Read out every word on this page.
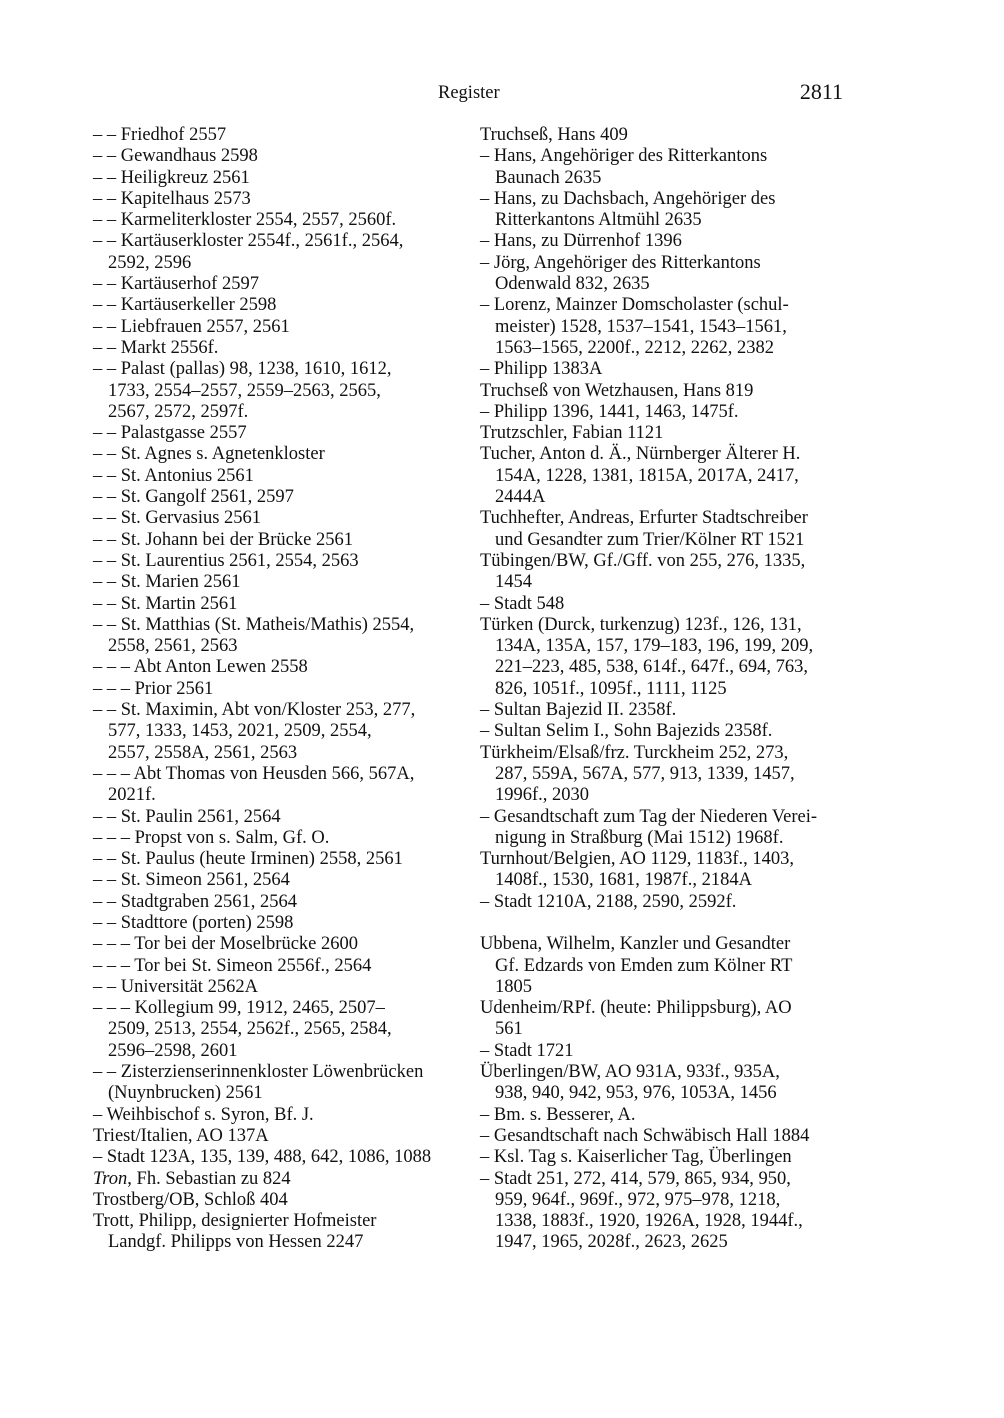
Register	2811
– – Friedhof 2557
– – Gewandhaus 2598
– – Heiligkreuz 2561
– – Kapitelhaus 2573
– – Karmeliterkloster 2554, 2557, 2560f.
– – Kartäuserkloster 2554f., 2561f., 2564,
2592, 2596
– – Kartäuserhof 2597
– – Kartäuserkeller 2598
– – Liebfrauen 2557, 2561
– – Markt 2556f.
– – Palast (pallas) 98, 1238, 1610, 1612,
1733, 2554–2557, 2559–2563, 2565,
2567, 2572, 2597f.
– – Palastgasse 2557
– – St. Agnes s. Agnetenkloster
– – St. Antonius 2561
– – St. Gangolf 2561, 2597
– – St. Gervasius 2561
– – St. Johann bei der Brücke 2561
– – St. Laurentius 2561, 2554, 2563
– – St. Marien 2561
– – St. Martin 2561
– – St. Matthias (St. Matheis/Mathis) 2554,
2558, 2561, 2563
– – – Abt Anton Lewen 2558
– – – Prior 2561
– – St. Maximin, Abt von/Kloster 253, 277,
577, 1333, 1453, 2021, 2509, 2554,
2557, 2558A, 2561, 2563
– – – Abt Thomas von Heusden 566, 567A,
2021f.
– – St. Paulin 2561, 2564
– – – Propst von s. Salm, Gf. O.
– – St. Paulus (heute Irminen) 2558, 2561
– – St. Simeon 2561, 2564
– – Stadtgraben 2561, 2564
– – Stadttore (porten) 2598
– – – Tor bei der Moselbrücke 2600
– – – Tor bei St. Simeon 2556f., 2564
– – Universität 2562A
– – – Kollegium 99, 1912, 2465, 2507–
2509, 2513, 2554, 2562f., 2565, 2584,
2596–2598, 2601
– – Zisterzienserinnenkloster Löwenbrücken
(Nuynbrucken) 2561
– Weihbischof s. Syron, Bf. J.
Triest/Italien, AO 137A
– Stadt 123A, 135, 139, 488, 642, 1086, 1088
Tron, Fh. Sebastian zu 824
Trostberg/OB, Schloß 404
Trott, Philipp, designierter Hofmeister
Landgf. Philipps von Hessen 2247
Truchseß, Hans 409
– Hans, Angehöriger des Ritterkantons
Baunach 2635
– Hans, zu Dachsbach, Angehöriger des
Ritterkantons Altmühl 2635
– Hans, zu Dürrenhof 1396
– Jörg, Angehöriger des Ritterkantons
Odenwald 832, 2635
– Lorenz, Mainzer Domscholaster (schul-
meister) 1528, 1537–1541, 1543–1561,
1563–1565, 2200f., 2212, 2262, 2382
– Philipp 1383A
Truchseß von Wetzhausen, Hans 819
– Philipp 1396, 1441, 1463, 1475f.
Trutzschler, Fabian 1121
Tucher, Anton d. Ä., Nürnberger Älterer H.
154A, 1228, 1381, 1815A, 2017A, 2417,
2444A
Tuchhefter, Andreas, Erfurter Stadtschreiber
und Gesandter zum Trier/Kölner RT 1521
Tübingen/BW, Gf./Gff. von 255, 276, 1335,
1454
– Stadt 548
Türken (Durck, turkenzug) 123f., 126, 131,
134A, 135A, 157, 179–183, 196, 199, 209,
221–223, 485, 538, 614f., 647f., 694, 763,
826, 1051f., 1095f., 1111, 1125
– Sultan Bajezid II. 2358f.
– Sultan Selim I., Sohn Bajezids 2358f.
Türkheim/Elsaß/frz. Turckheim 252, 273,
287, 559A, 567A, 577, 913, 1339, 1457,
1996f., 2030
– Gesandtschaft zum Tag der Niederen Verei-
nigung in Straßburg (Mai 1512) 1968f.
Turnhout/Belgien, AO 1129, 1183f., 1403,
1408f., 1530, 1681, 1987f., 2184A
– Stadt 1210A, 2188, 2590, 2592f.
Ubbena, Wilhelm, Kanzler und Gesandter
Gf. Edzards von Emden zum Kölner RT
1805
Udenheim/RPf. (heute: Philippsburg), AO
561
– Stadt 1721
Überlingen/BW, AO 931A, 933f., 935A,
938, 940, 942, 953, 976, 1053A, 1456
– Bm. s. Besserer, A.
– Gesandtschaft nach Schwäbisch Hall 1884
– Ksl. Tag s. Kaiserlicher Tag, Überlingen
– Stadt 251, 272, 414, 579, 865, 934, 950,
959, 964f., 969f., 972, 975–978, 1218,
1338, 1883f., 1920, 1926A, 1928, 1944f.,
1947, 1965, 2028f., 2623, 2625
